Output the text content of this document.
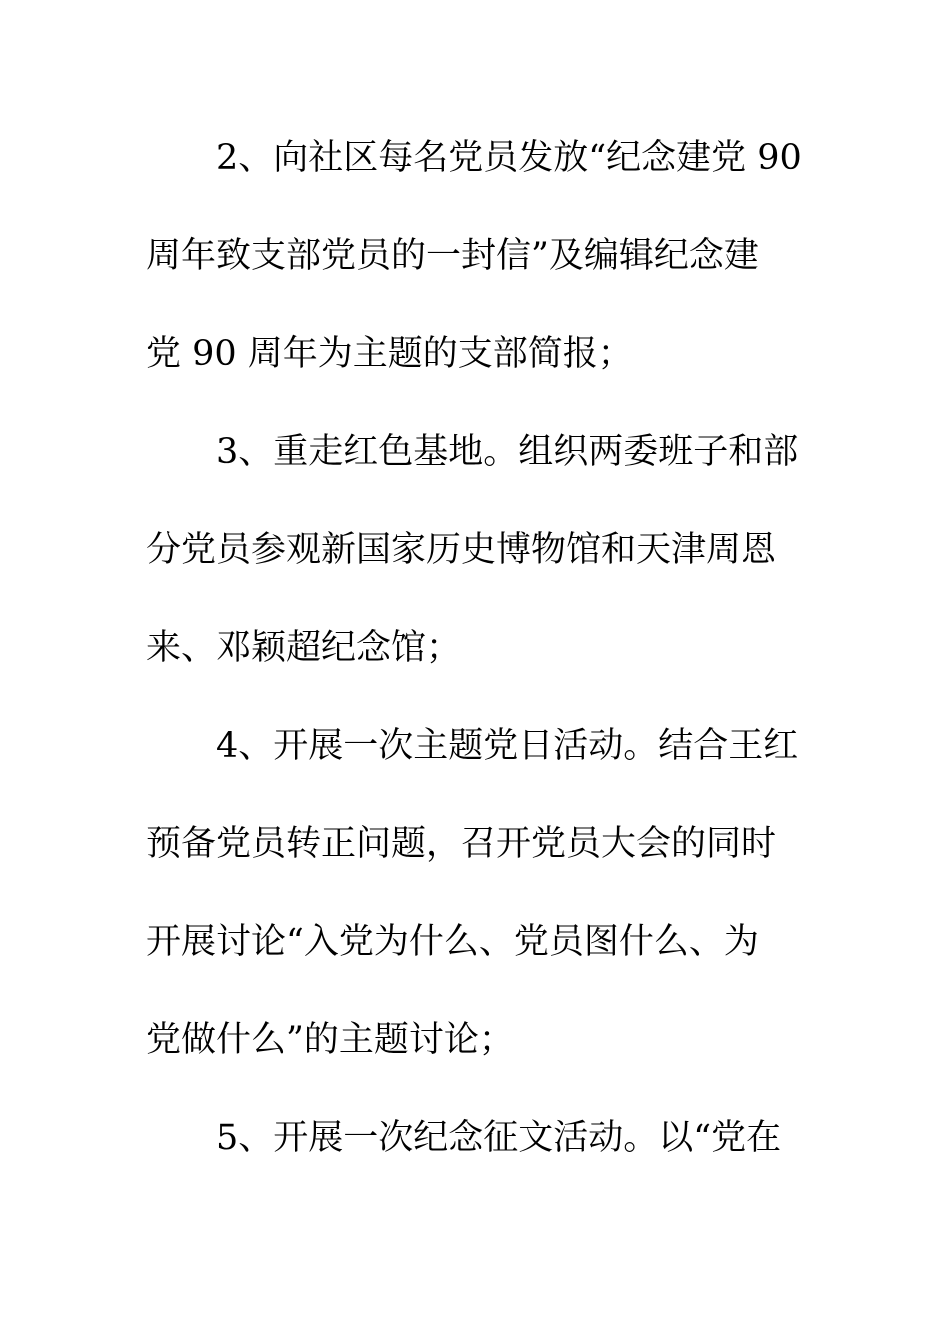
2、向社区每名党员发放“纪念建党 90
周年致支部党员的一封信”及编辑纪念建
党 90 周年为主题的支部简报；
3、重走红色基地。组织两委班子和部
分党员参观新国家历史博物馆和天津周恩
来、邓颖超纪念馆；
4、开展一次主题党日活动。结合王红
预备党员转正问题，召开党员大会的同时
开展讨论“入党为什么、党员图什么、为
党做什么”的主题讨论；
5、开展一次纪念征文活动。以“党在
